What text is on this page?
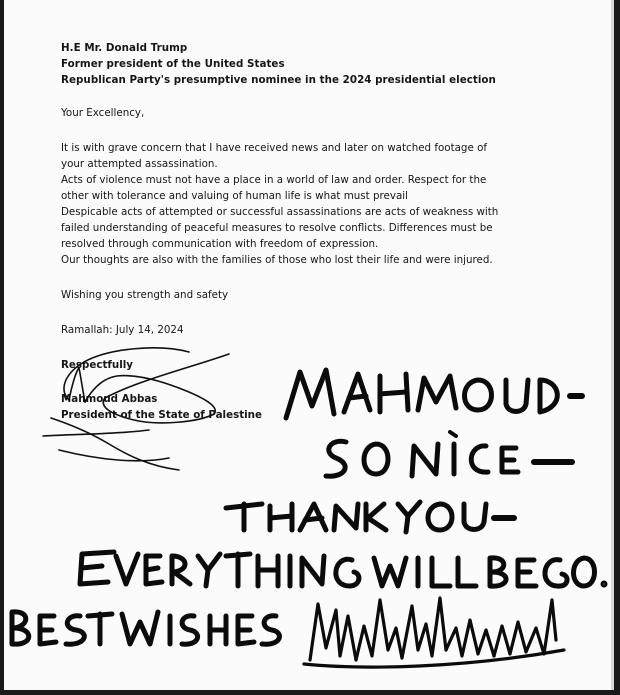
H.E Mr. Donald Trump

Former president of the United States

Republican Party's presumptive nominee in the 2024 presidential election

Your Excellency,

It is with grave concern that I have received news and later on watched footage of

your attempted assassination.

Acts of violence must not have a place in a world of law and order. Respect for the

other with tolerance and valuing of human life is what must prevail

Despicable acts of attempted or successful assassinations are acts of weakness with

failed understanding of peaceful measures to resolve conflicts. Differences must be

resolved through communication with freedom of expression.

Our thoughts are also with the families of those who lost their life and were injured.

Wishing you strength and safety

Ramallah: July 14, 2024

Respectfully

Mahmoud Abbas

President of the State of Palestine
